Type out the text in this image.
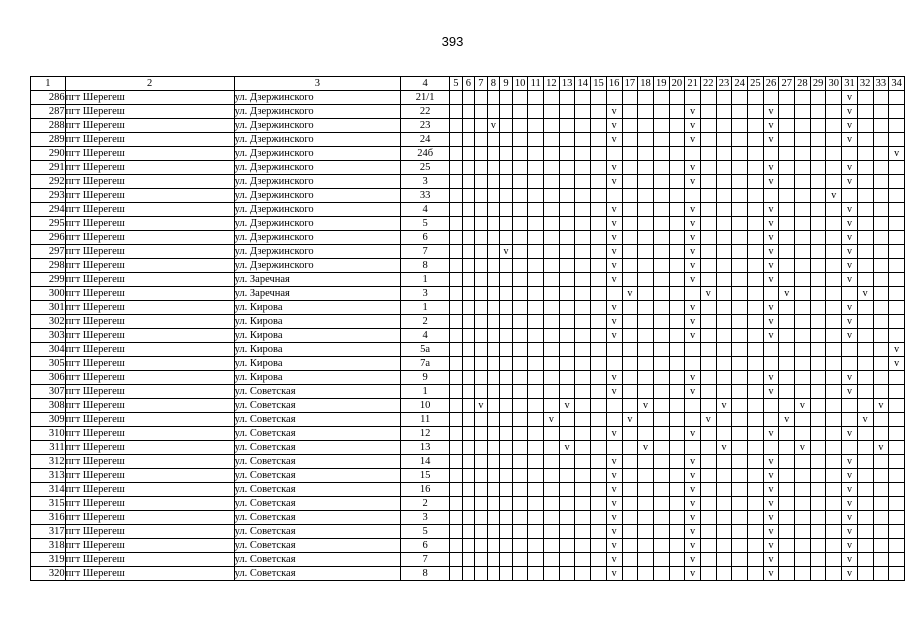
393
1	2	3	4	5	6	7	8	9	10	11	12	13	14	15	16	17	18	19	20	21	22	23	24	25	26	27	28	29	30	31	32	33	34
286	пгт Шерегеш	ул. Дзержинского	21/1																											v			
287	пгт Шерегеш	ул. Дзержинского	22												v					v					v					v			
288	пгт Шерегеш	ул. Дзержинского	23				v								v					v					v					v			
289	пгт Шерегеш	ул. Дзержинского	24												v					v					v					v			
290	пгт Шерегеш	ул. Дзержинского	24б																														v
291	пгт Шерегеш	ул. Дзержинского	25												v					v					v					v			
292	пгт Шерегеш	ул. Дзержинского	3												v					v					v					v			
293	пгт Шерегеш	ул. Дзержинского	33																										v				
294	пгт Шерегеш	ул. Дзержинского	4												v					v					v					v			
295	пгт Шерегеш	ул. Дзержинского	5												v					v					v					v			
296	пгт Шерегеш	ул. Дзержинского	6												v					v					v					v			
297	пгт Шерегеш	ул. Дзержинского	7					v							v					v					v					v			
298	пгт Шерегеш	ул. Дзержинского	8												v					v					v					v			
299	пгт Шерегеш	ул. Заречная	1												v					v					v					v			
300	пгт Шерегеш	ул. Заречная	3													v					v					v					v		
301	пгт Шерегеш	ул. Кирова	1												v					v					v					v			
302	пгт Шерегеш	ул. Кирова	2												v					v					v					v			
303	пгт Шерегеш	ул. Кирова	4												v					v					v					v			
304	пгт Шерегеш	ул. Кирова	5а																														v
305	пгт Шерегеш	ул. Кирова	7а																														v
306	пгт Шерегеш	ул. Кирова	9												v					v					v					v			
307	пгт Шерегеш	ул. Советская	1												v					v					v					v			
308	пгт Шерегеш	ул. Советская	10			v						v					v					v					v					v	
309	пгт Шерегеш	ул. Советская	11								v					v					v					v					v		
310	пгт Шерегеш	ул. Советская	12												v					v					v					v			
311	пгт Шерегеш	ул. Советская	13									v					v					v					v					v	
312	пгт Шерегеш	ул. Советская	14												v					v					v					v			
313	пгт Шерегеш	ул. Советская	15												v					v					v					v			
314	пгт Шерегеш	ул. Советская	16												v					v					v					v			
315	пгт Шерегеш	ул. Советская	2												v					v					v					v			
316	пгт Шерегеш	ул. Советская	3												v					v					v					v			
317	пгт Шерегеш	ул. Советская	5												v					v					v					v			
318	пгт Шерегеш	ул. Советская	6												v					v					v					v			
319	пгт Шерегеш	ул. Советская	7												v					v					v					v			
320	пгт Шерегеш	ул. Советская	8												v					v					v					v			
